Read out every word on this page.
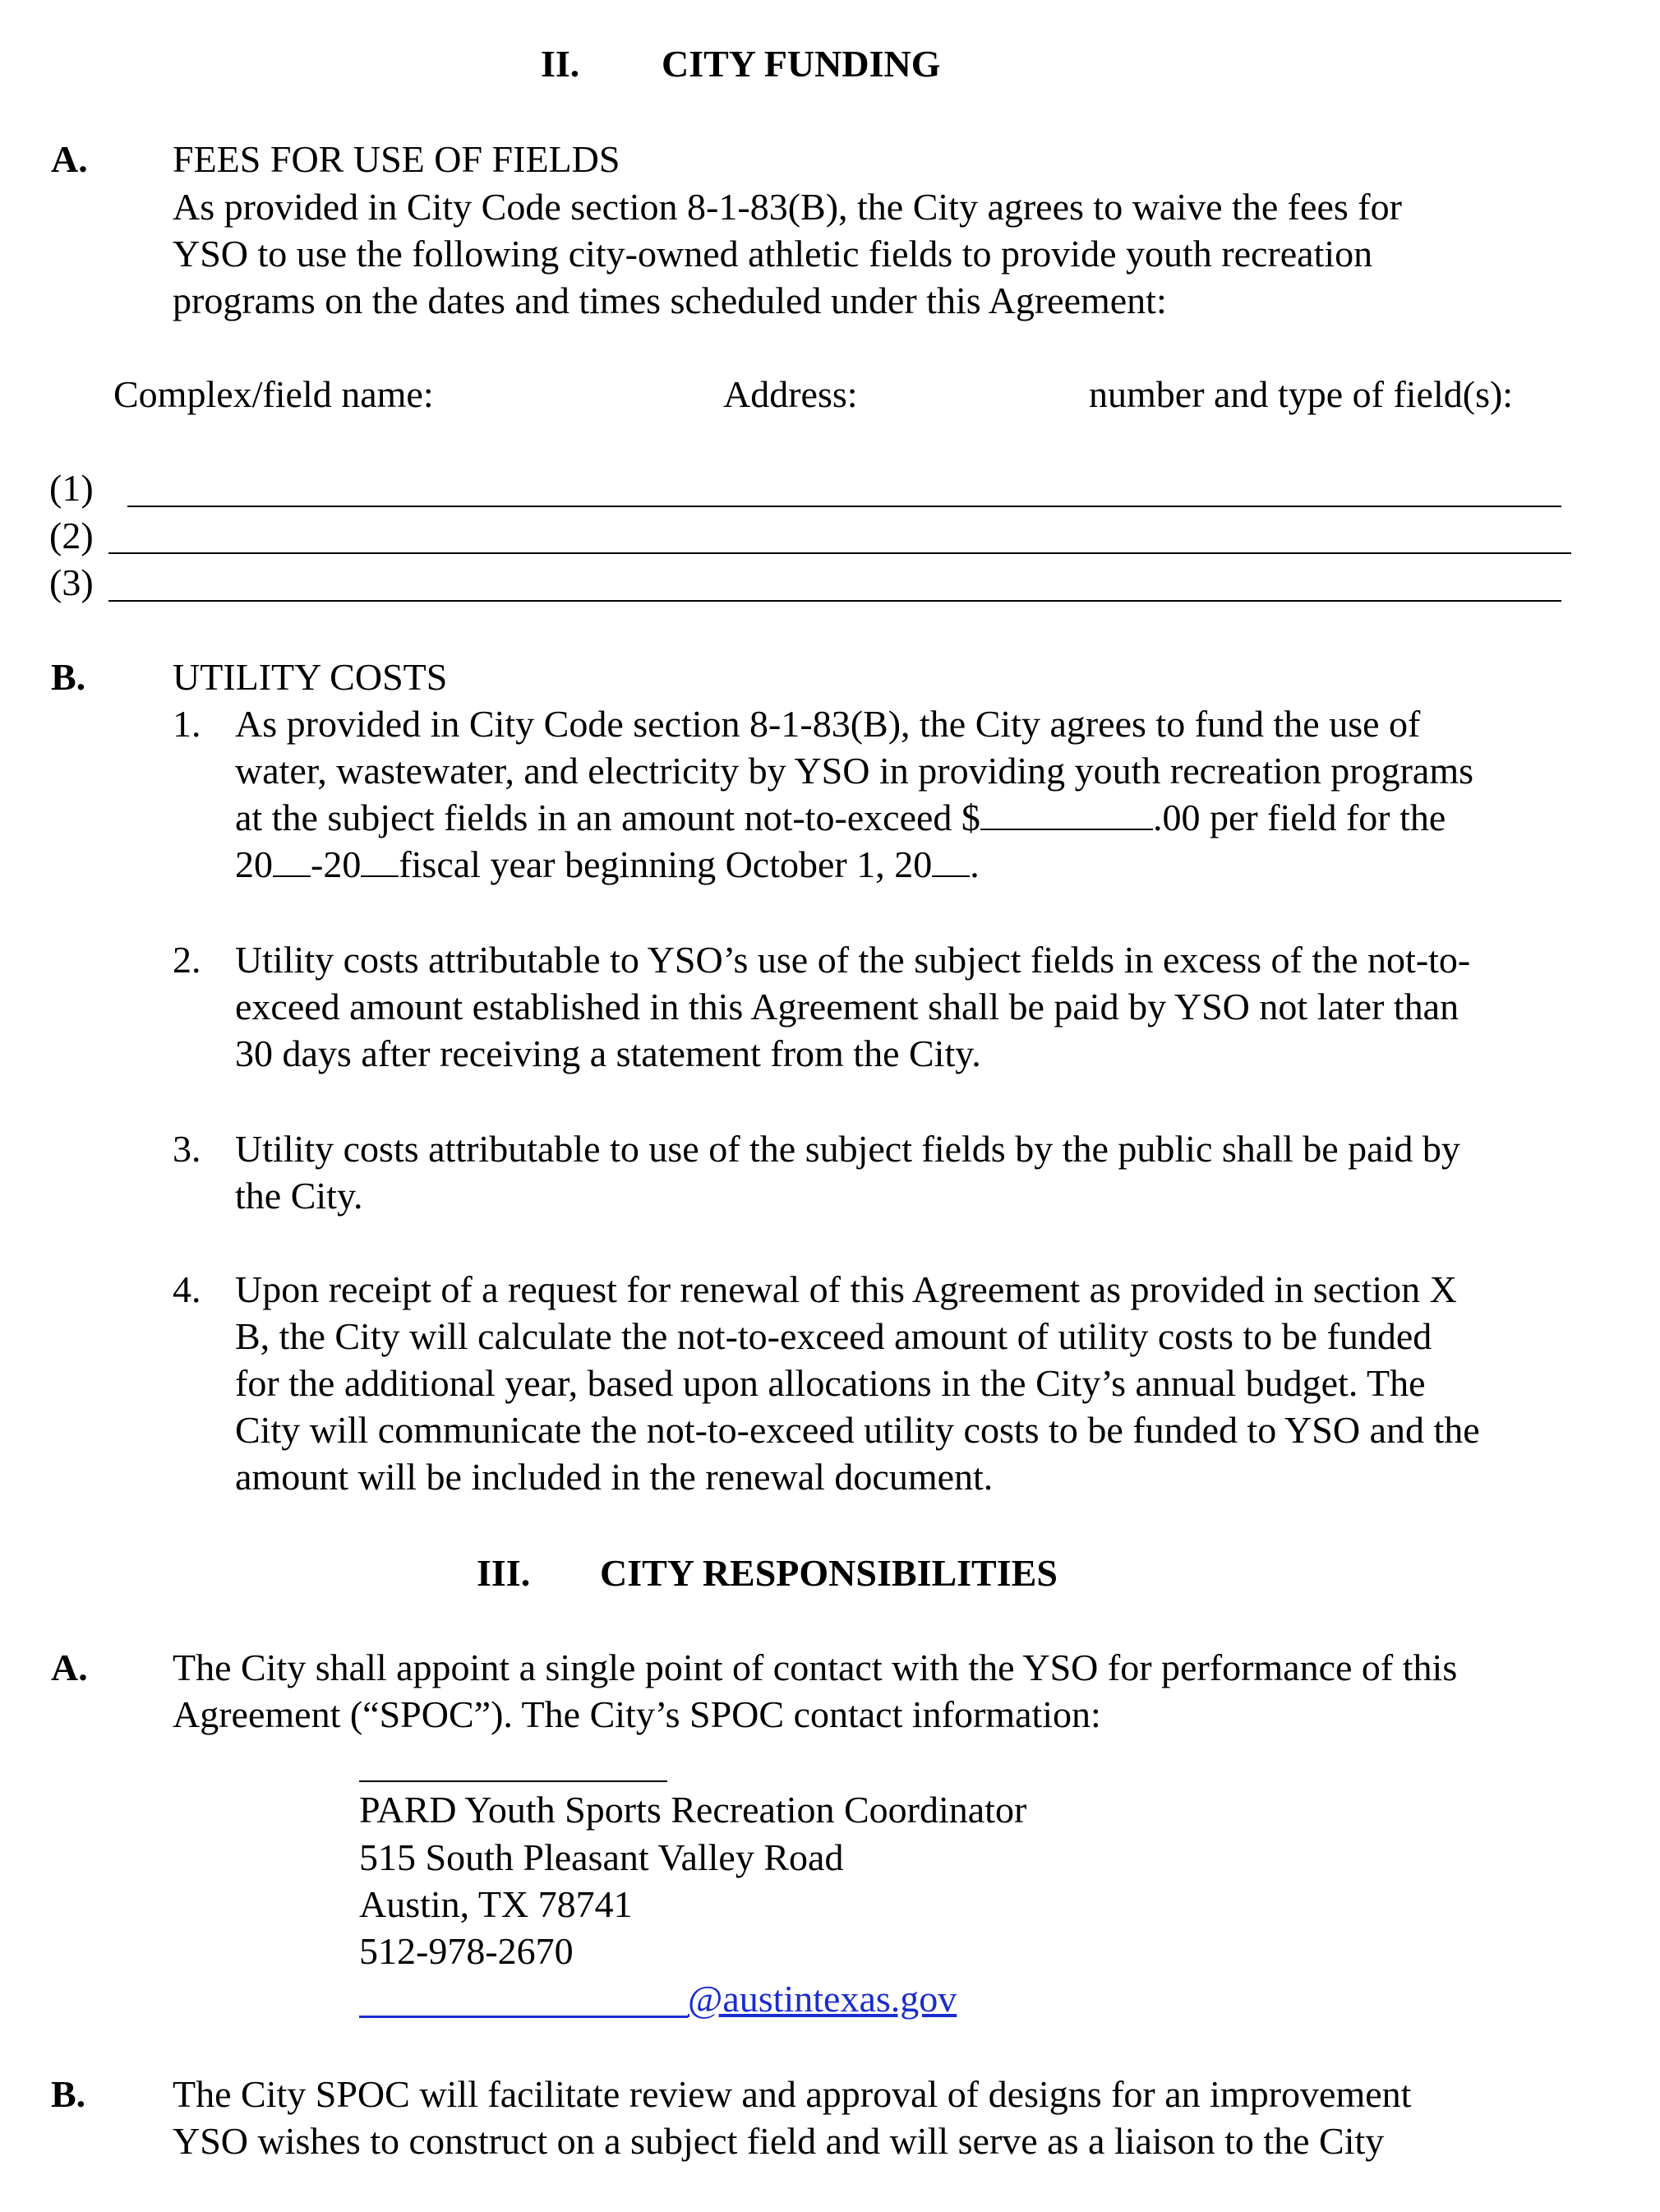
II. CITY FUNDING
A. FEES FOR USE OF FIELDS
As provided in City Code section 8-1-83(B), the City agrees to waive the fees for
YSO to use the following city-owned athletic fields to provide youth recreation
programs on the dates and times scheduled under this Agreement:
Complex/field name:	Address:	number and type of field(s):
(1)
(2)
(3)
B. UTILITY COSTS
1. As provided in City Code section 8-1-83(B), the City agrees to fund the use of
water, wastewater, and electricity by YSO in providing youth recreation programs
at the subject fields in an amount not-to-exceed $	.00 per field for the
20 -20 fiscal year beginning October 1, 20 .
2. Utility costs attributable to YSO’s use of the subject fields in excess of the not-to-
exceed amount established in this Agreement shall be paid by YSO not later than
30 days after receiving a statement from the City.
3. Utility costs attributable to use of the subject fields by the public shall be paid by
the City.
4. Upon receipt of a request for renewal of this Agreement as provided in section X
B, the City will calculate the not-to-exceed amount of utility costs to be funded
for the additional year, based upon allocations in the City’s annual budget. The
City will communicate the not-to-exceed utility costs to be funded to YSO and the
amount will be included in the renewal document.
III. CITY RESPONSIBILITIES
A. The City shall appoint a single point of contact with the YSO for performance of this
Agreement (“SPOC”). The City’s SPOC contact information:
PARD Youth Sports Recreation Coordinator
515 South Pleasant Valley Road
Austin, TX 78741
512-978-2670
@austintexas.gov
B. The City SPOC will facilitate review and approval of designs for an improvement
YSO wishes to construct on a subject field and will serve as a liaison to the City
